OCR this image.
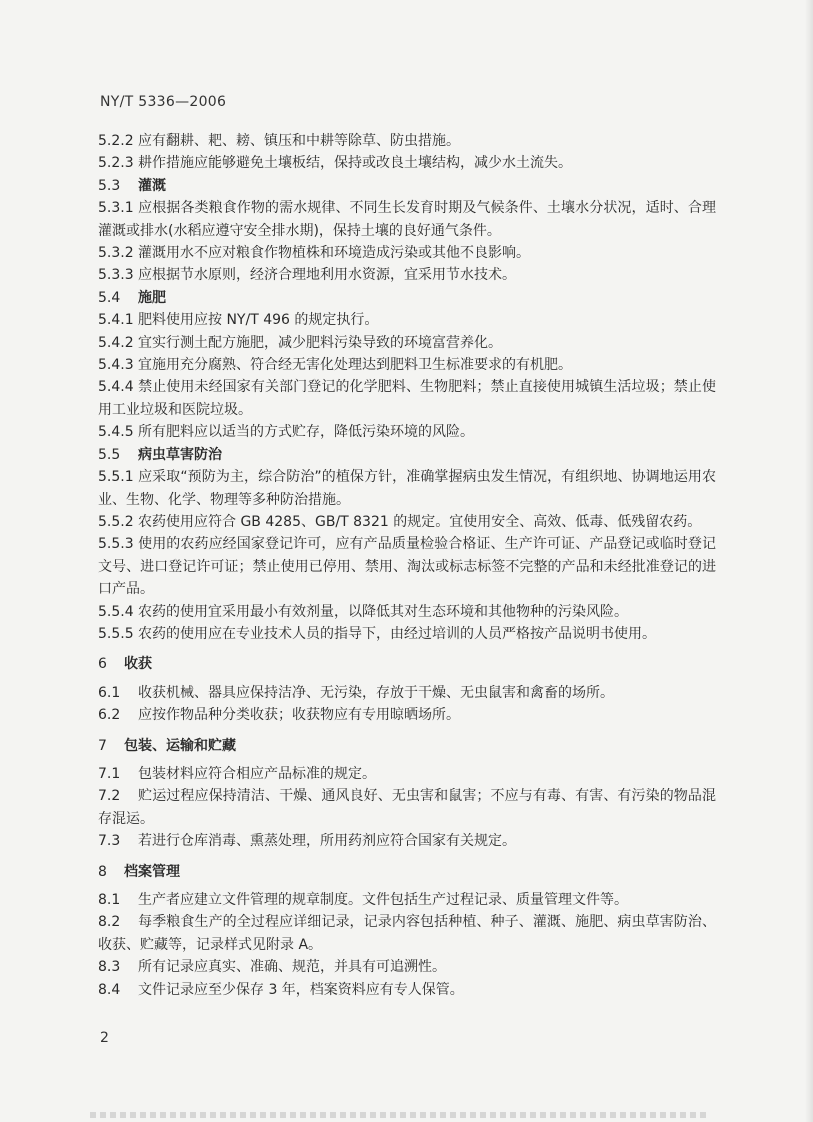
NY/T 5336—2006
5.2.2 应有翻耕、耙、耪、镇压和中耕等除草、防虫措施。
5.2.3 耕作措施应能够避免土壤板结，保持或改良土壤结构，减少水土流失。
5.3 灌溉
5.3.1 应根据各类粮食作物的需水规律、不同生长发育时期及气候条件、土壤水分状况，适时、合理灌溉或排水(水稻应遵守安全排水期)，保持土壤的良好通气条件。
5.3.2 灌溉用水不应对粮食作物植株和环境造成污染或其他不良影响。
5.3.3 应根据节水原则，经济合理地利用水资源，宜采用节水技术。
5.4 施肥
5.4.1 肥料使用应按 NY/T 496 的规定执行。
5.4.2 宜实行测土配方施肥，减少肥料污染导致的环境富营养化。
5.4.3 宜施用充分腐熟、符合经无害化处理达到肥料卫生标准要求的有机肥。
5.4.4 禁止使用未经国家有关部门登记的化学肥料、生物肥料；禁止直接使用城镇生活垃圾；禁止使用工业垃圾和医院垃圾。
5.4.5 所有肥料应以适当的方式贮存，降低污染环境的风险。
5.5 病虫草害防治
5.5.1 应采取“预防为主，综合防治”的植保方针，准确掌握病虫发生情况，有组织地、协调地运用农业、生物、化学、物理等多种防治措施。
5.5.2 农药使用应符合 GB 4285、GB/T 8321 的规定。宜使用安全、高效、低毒、低残留农药。
5.5.3 使用的农药应经国家登记许可，应有产品质量检验合格证、生产许可证、产品登记或临时登记文号、进口登记许可证；禁止使用已停用、禁用、淘汰或标志标签不完整的产品和未经批准登记的进口产品。
5.5.4 农药的使用宜采用最小有效剂量，以降低其对生态环境和其他物种的污染风险。
5.5.5 农药的使用应在专业技术人员的指导下，由经过培训的人员严格按产品说明书使用。
6 收获
6.1 收获机械、器具应保持洁净、无污染，存放于干燥、无虫鼠害和禽畜的场所。
6.2 应按作物品种分类收获；收获物应有专用晾晒场所。
7 包装、运输和贮藏
7.1 包装材料应符合相应产品标准的规定。
7.2 贮运过程应保持清洁、干燥、通风良好、无虫害和鼠害；不应与有毒、有害、有污染的物品混存混运。
7.3 若进行仓库消毒、熏蒸处理，所用药剂应符合国家有关规定。
8 档案管理
8.1 生产者应建立文件管理的规章制度。文件包括生产过程记录、质量管理文件等。
8.2 每季粮食生产的全过程应详细记录，记录内容包括种植、种子、灌溉、施肥、病虫草害防治、收获、贮藏等，记录样式见附录 A。
8.3 所有记录应真实、准确、规范，并具有可追溯性。
8.4 文件记录应至少保存 3 年，档案资料应有专人保管。
2
